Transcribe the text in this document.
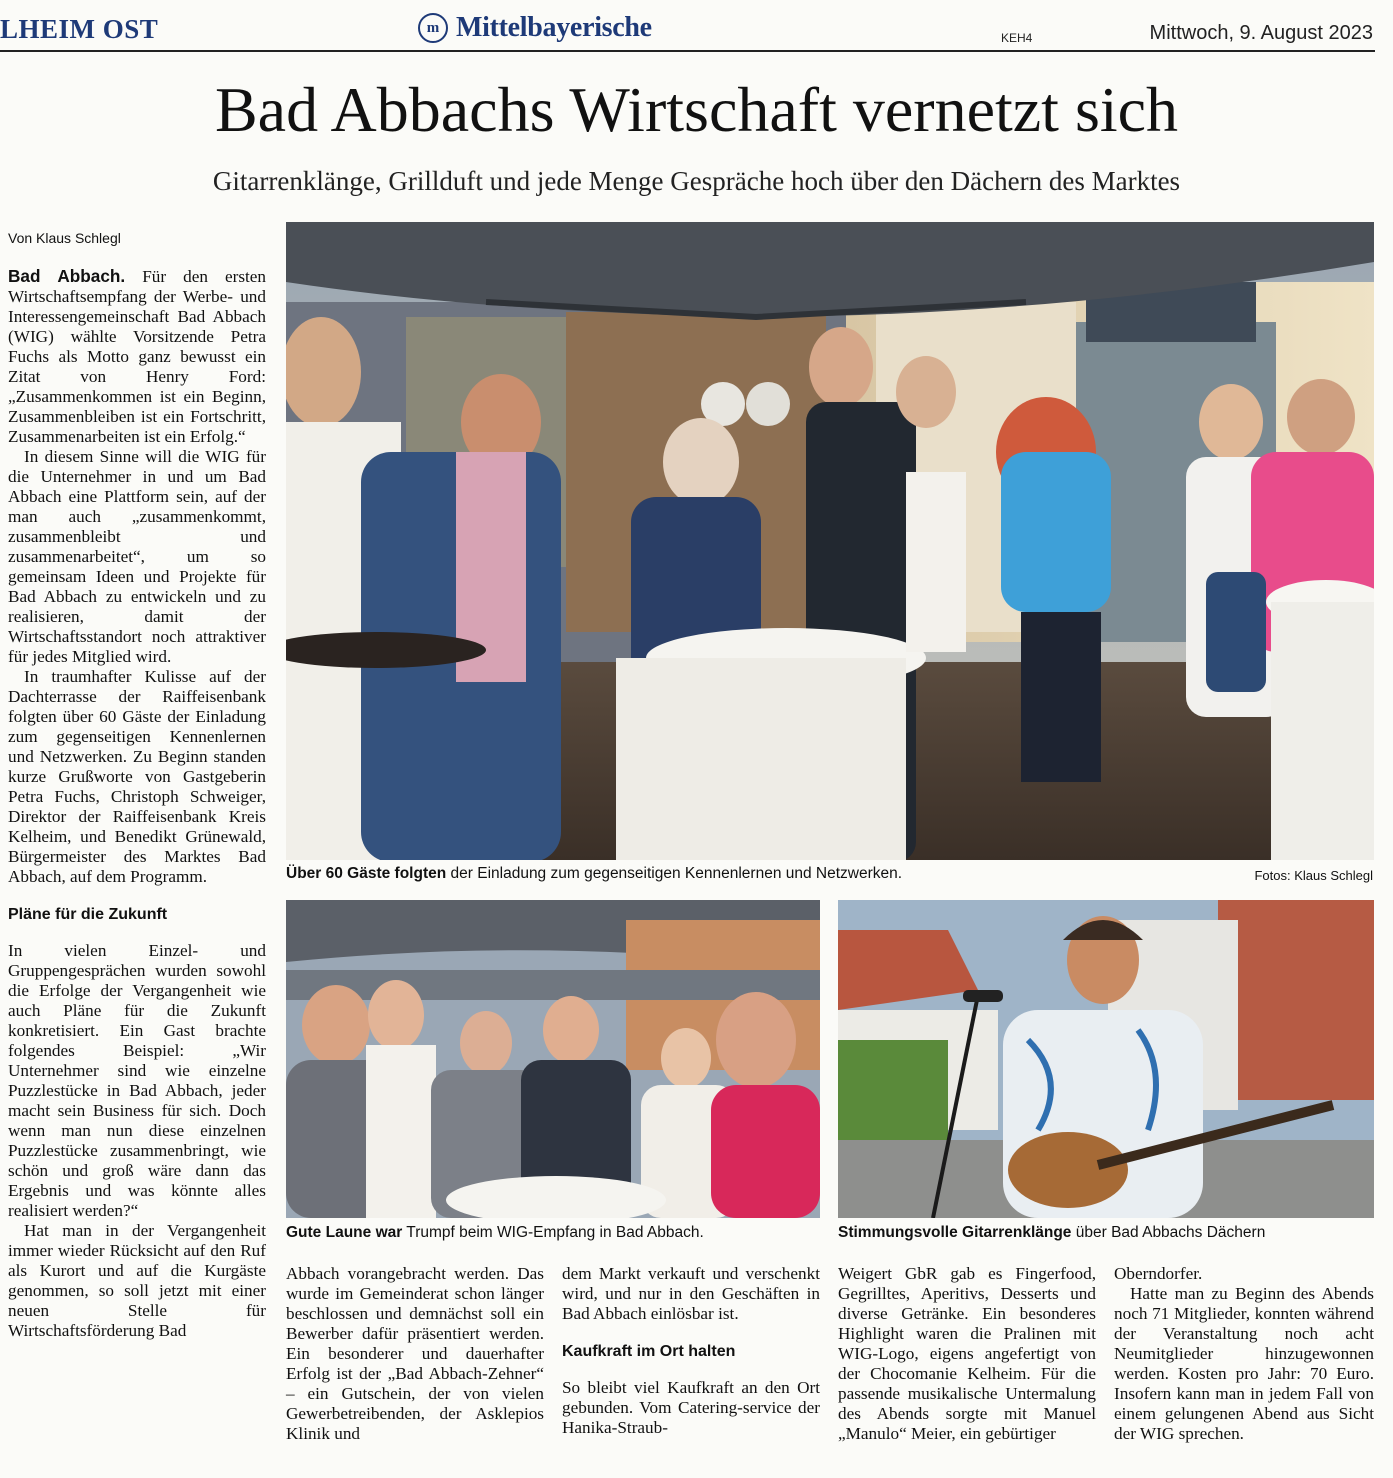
LHEIM OST	m Mittelbayerische	KEH4	Mittwoch, 9. August 2023
Bad Abbachs Wirtschaft vernetzt sich
Gitarrenklänge, Grillduft und jede Menge Gespräche hoch über den Dächern des Marktes
Von Klaus Schlegl

Bad Abbach. Für den ersten Wirtschaftsempfang der Werbe- und Interessengemeinschaft Bad Abbach (WIG) wählte Vorsitzende Petra Fuchs als Motto ganz bewusst ein Zitat von Henry Ford: „Zusammenkommen ist ein Beginn, Zusammenbleiben ist ein Fortschritt, Zusammenarbeiten ist ein Erfolg.“

In diesem Sinne will die WIG für die Unternehmer in und um Bad Abbach eine Plattform sein, auf der man auch „zusammenkommt, zusammenbleibt und zusammenarbeitet“, um so gemeinsam Ideen und Projekte für Bad Abbach zu entwickeln und zu realisieren, damit der Wirtschaftsstandort noch attraktiver für jedes Mitglied wird.

In traumhafter Kulisse auf der Dachterrasse der Raiffeisenbank folgten über 60 Gäste der Einladung zum gegenseitigen Kennenlernen und Netzwerken. Zu Beginn standen kurze Grußworte von Gastgeberin Petra Fuchs, Christoph Schweiger, Direktor der Raiffeisenbank Kreis Kelheim, und Benedikt Grünewald, Bürgermeister des Marktes Bad Abbach, auf dem Programm.

Pläne für die Zukunft

In vielen Einzel- und Gruppengesprächen wurden sowohl die Erfolge der Vergangenheit wie auch Pläne für die Zukunft konkretisiert. Ein Gast brachte folgendes Beispiel: „Wir Unternehmer sind wie einzelne Puzzlestücke in Bad Abbach, jeder macht sein Business für sich. Doch wenn man nun diese einzelnen Puzzlestücke zusammenbringt, wie schön und groß wäre dann das Ergebnis und was könnte alles realisiert werden?“

Hat man in der Vergangenheit immer wieder Rücksicht auf den Ruf als Kurort und auf die Kurgäste genommen, so soll jetzt mit einer neuen Stelle für Wirtschaftsförderung Bad

Über 60 Gäste folgten der Einladung zum gegenseitigen Kennenlernen und Netzwerken.	Fotos: Klaus Schlegl
Gute Laune war Trumpf beim WIG-Empfang in Bad Abbach.	Stimmungsvolle Gitarrenklänge über Bad Abbachs Dächern

Abbach vorangebracht werden. Das wurde im Gemeinderat schon länger beschlossen und demnächst soll ein Bewerber dafür präsentiert werden. Ein besonderer und dauerhafter Erfolg ist der „Bad Abbach-Zehner“ – ein Gutschein, der von vielen Gewerbetreibenden, der Asklepios Klinik und

dem Markt verkauft und verschenkt wird, und nur in den Geschäften in Bad Abbach einlösbar ist.

Kaufkraft im Ort halten

So bleibt viel Kaufkraft an den Ort gebunden. Vom Catering-service der Hanika-Straub-

Weigert GbR gab es Fingerfood, Gegrilltes, Aperitivs, Desserts und diverse Getränke. Ein besonderes Highlight waren die Pralinen mit WIG-Logo, eigens angefertigt von der Chocomanie Kelheim. Für die passende musikalische Untermalung des Abends sorgte mit Manuel „Manulo“ Meier, ein gebürtiger

Oberndorfer.

Hatte man zu Beginn des Abends noch 71 Mitglieder, konnten während der Veranstaltung noch acht Neumitglieder hinzugewonnen werden. Kosten pro Jahr: 70 Euro. Insofern kann man in jedem Fall von einem gelungenen Abend aus Sicht der WIG sprechen.
